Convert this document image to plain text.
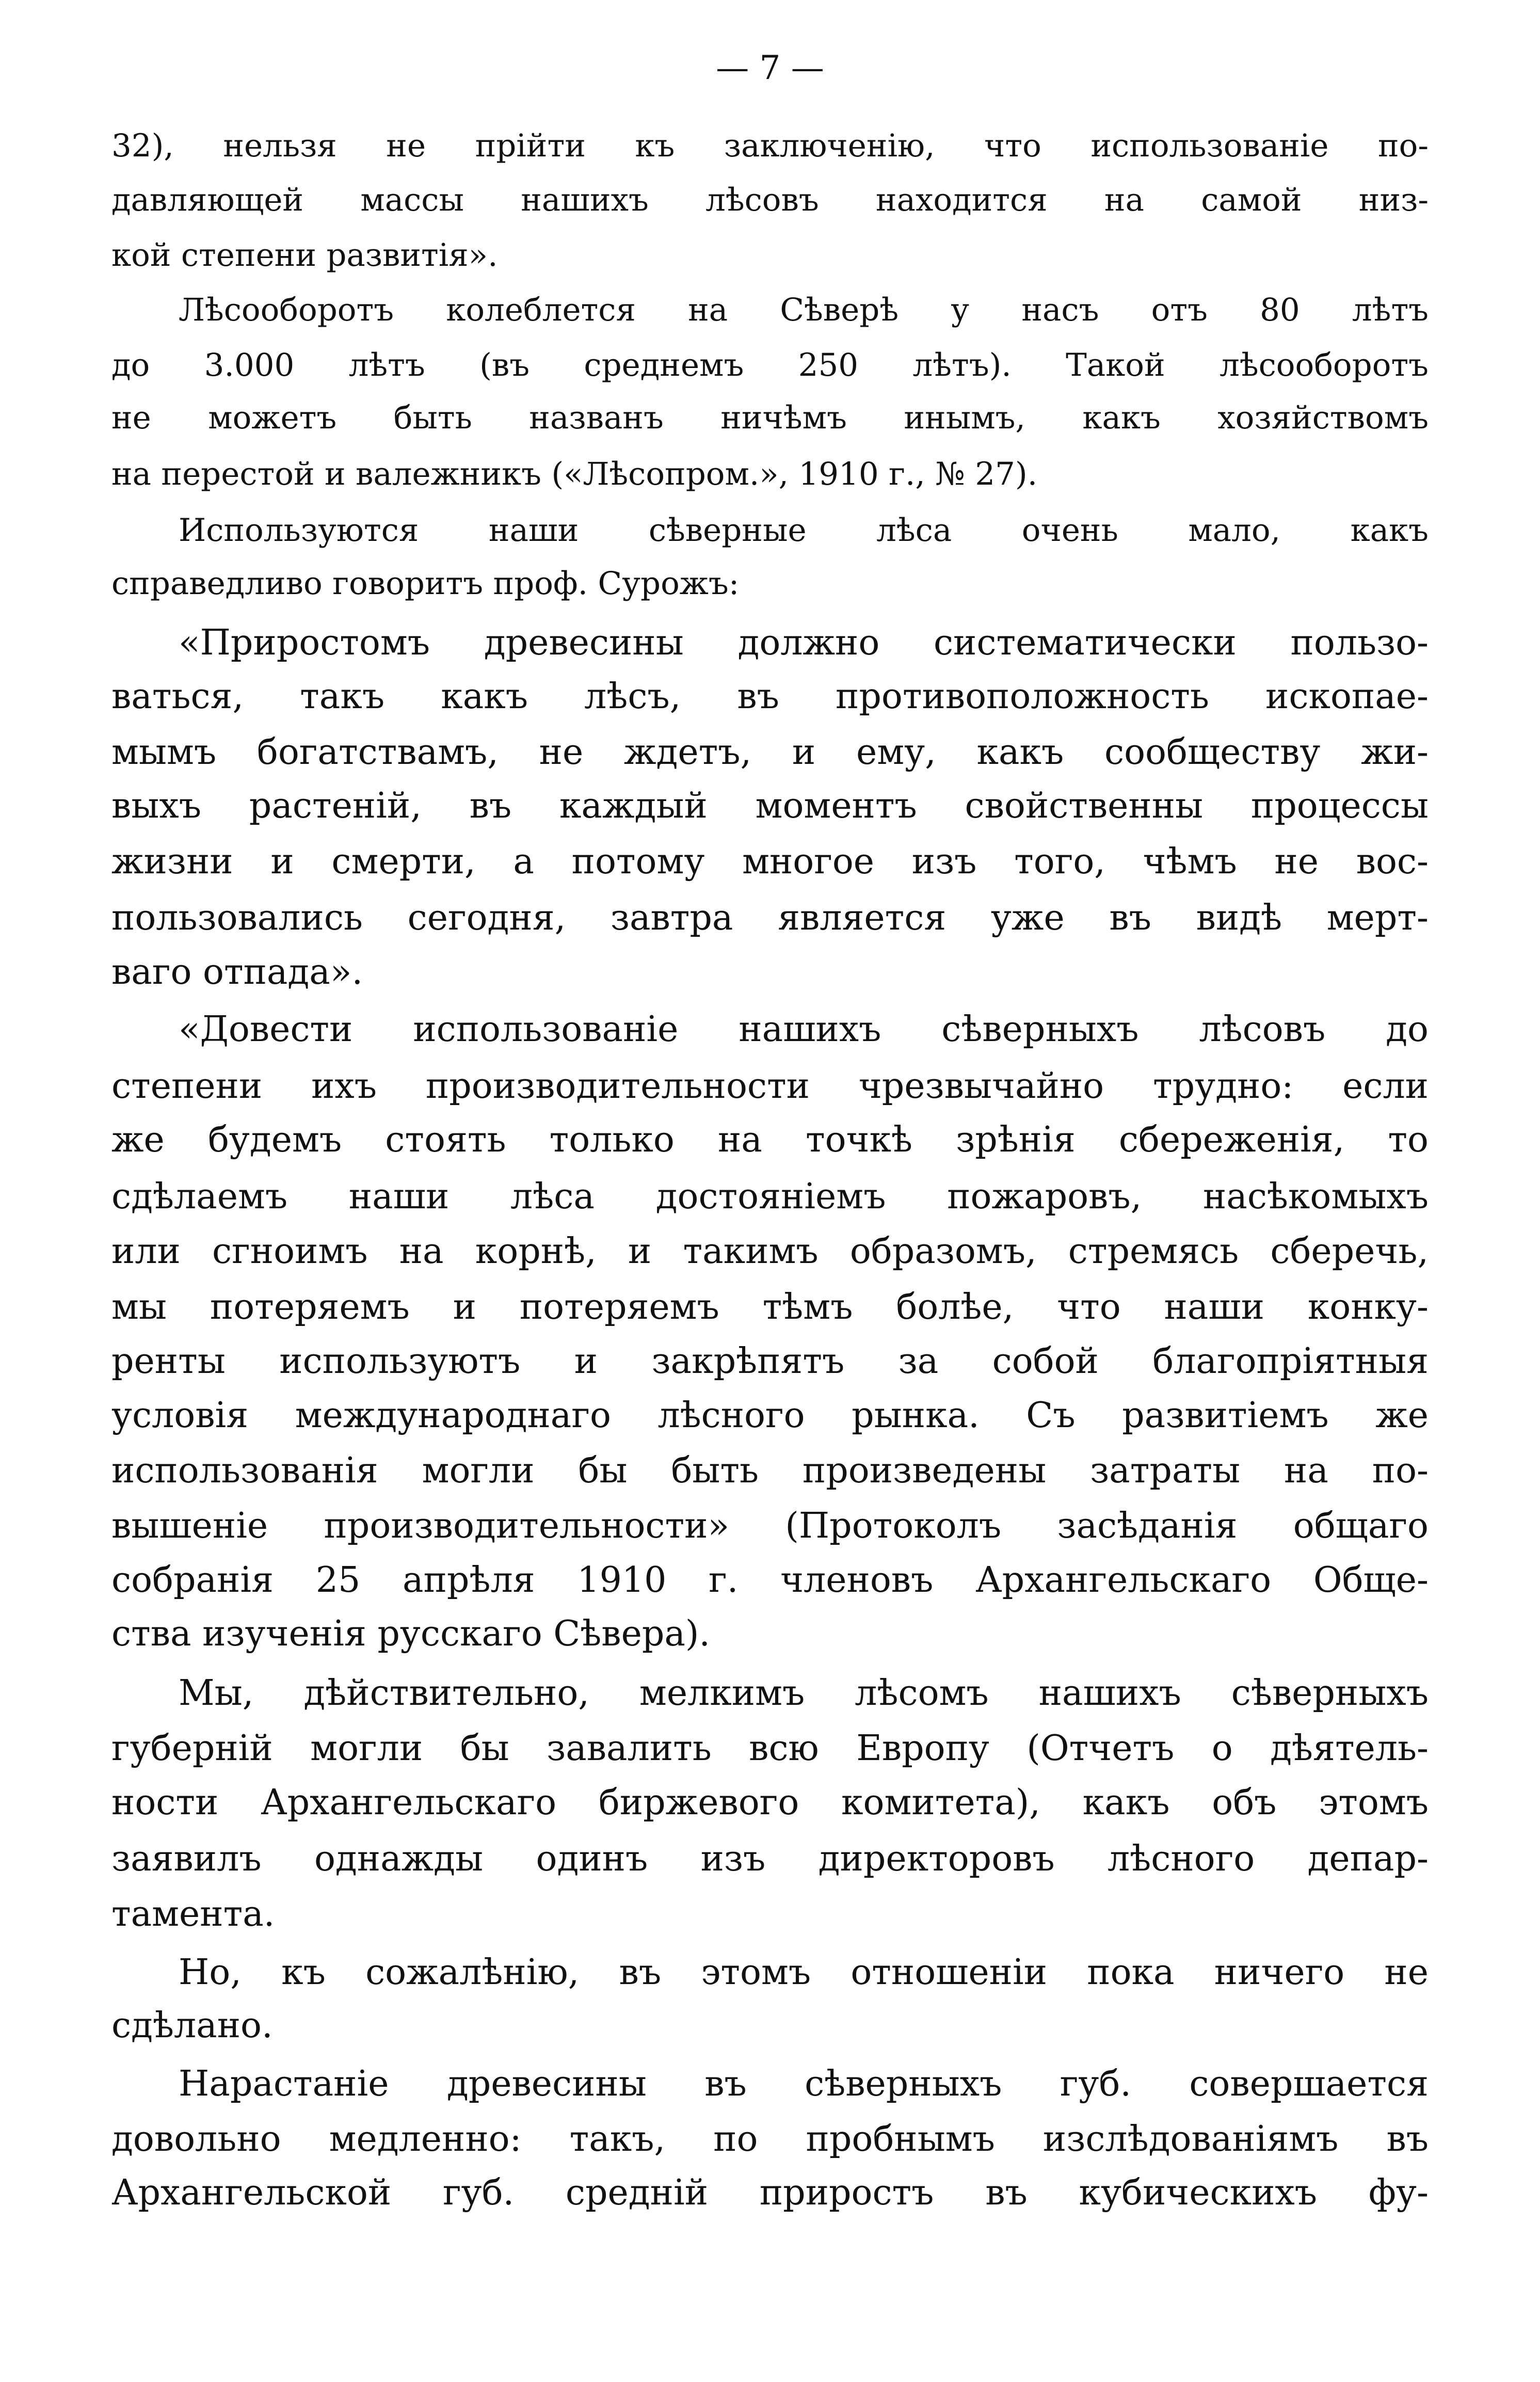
— 7 —
32), нельзя не прійти къ заключенію, что использованіе по-
давляющей массы нашихъ лѣсовъ находится на самой низ-
кой степени развитія».
Лѣсооборотъ колеблется на Сѣверѣ у насъ отъ 80 лѣтъ
до 3.000 лѣтъ (въ среднемъ 250 лѣтъ). Такой лѣсооборотъ
не можетъ быть названъ ничѣмъ инымъ, какъ хозяйствомъ
на перестой и валежникъ («Лѣсопром.», 1910 г., № 27).
Используются наши сѣверные лѣса очень мало, какъ
справедливо говоритъ проф. Сурожъ:
«Приростомъ древесины должно систематически пользо-
ваться, такъ какъ лѣсъ, въ противоположность ископае-
мымъ богатствамъ, не ждетъ, и ему, какъ сообществу жи-
выхъ растеній, въ каждый моментъ свойственны процессы
жизни и смерти, а потому многое изъ того, чѣмъ не вос-
пользовались сегодня, завтра является уже въ видѣ мерт-
ваго отпада».
«Довести использованіе нашихъ сѣверныхъ лѣсовъ до
степени ихъ производительности чрезвычайно трудно: если
же будемъ стоять только на точкѣ зрѣнія сбереженія, то
сдѣлаемъ наши лѣса достояніемъ пожаровъ, насѣкомыхъ
или сгноимъ на корнѣ, и такимъ образомъ, стремясь сберечь,
мы потеряемъ и потеряемъ тѣмъ болѣе, что наши конку-
ренты используютъ и закрѣпятъ за собой благопріятныя
условія международнаго лѣсного рынка. Съ развитіемъ же
использованія могли бы быть произведены затраты на по-
вышеніе производительности» (Протоколъ засѣданія общаго
собранія 25 апрѣля 1910 г. членовъ Архангельскаго Обще-
ства изученія русскаго Сѣвера).
Мы, дѣйствительно, мелкимъ лѣсомъ нашихъ сѣверныхъ
губерній могли бы завалить всю Европу (Отчетъ о дѣятель-
ности Архангельскаго биржевого комитета), какъ объ этомъ
заявилъ однажды одинъ изъ директоровъ лѣсного депар-
тамента.
Но, къ сожалѣнію, въ этомъ отношеніи пока ничего не
сдѣлано.
Нарастаніе древесины въ сѣверныхъ губ. совершается
довольно медленно: такъ, по пробнымъ изслѣдованіямъ въ
Архангельской губ. средній приростъ въ кубическихъ фу-
